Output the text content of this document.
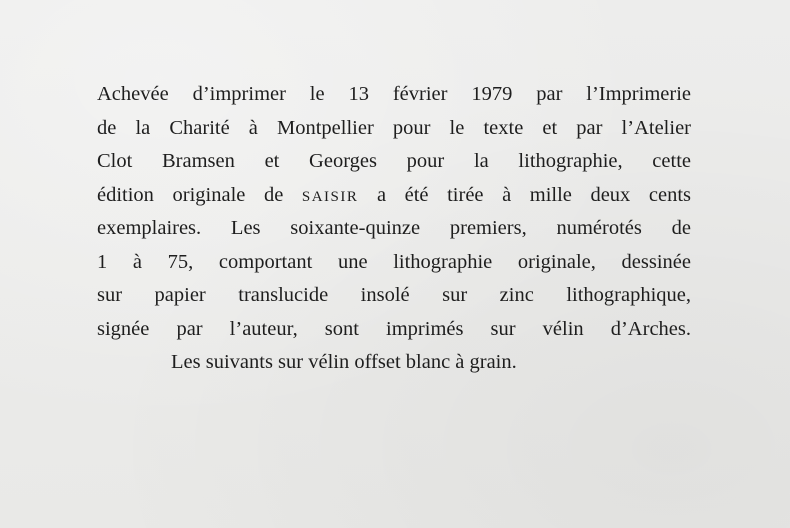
Achevée d’imprimer le 13 février 1979 par l’Imprimerie
de la Charité à Montpellier pour le texte et par l’Atelier
Clot Bramsen et Georges pour la lithographie, cette
édition originale de SAISIR a été tirée à mille deux cents
exemplaires. Les soixante-quinze premiers, numérotés de
1 à 75, comportant une lithographie originale, dessinée
sur papier translucide insolé sur zinc lithographique,
signée par l’auteur, sont imprimés sur vélin d’Arches.
Les suivants sur vélin offset blanc à grain.
